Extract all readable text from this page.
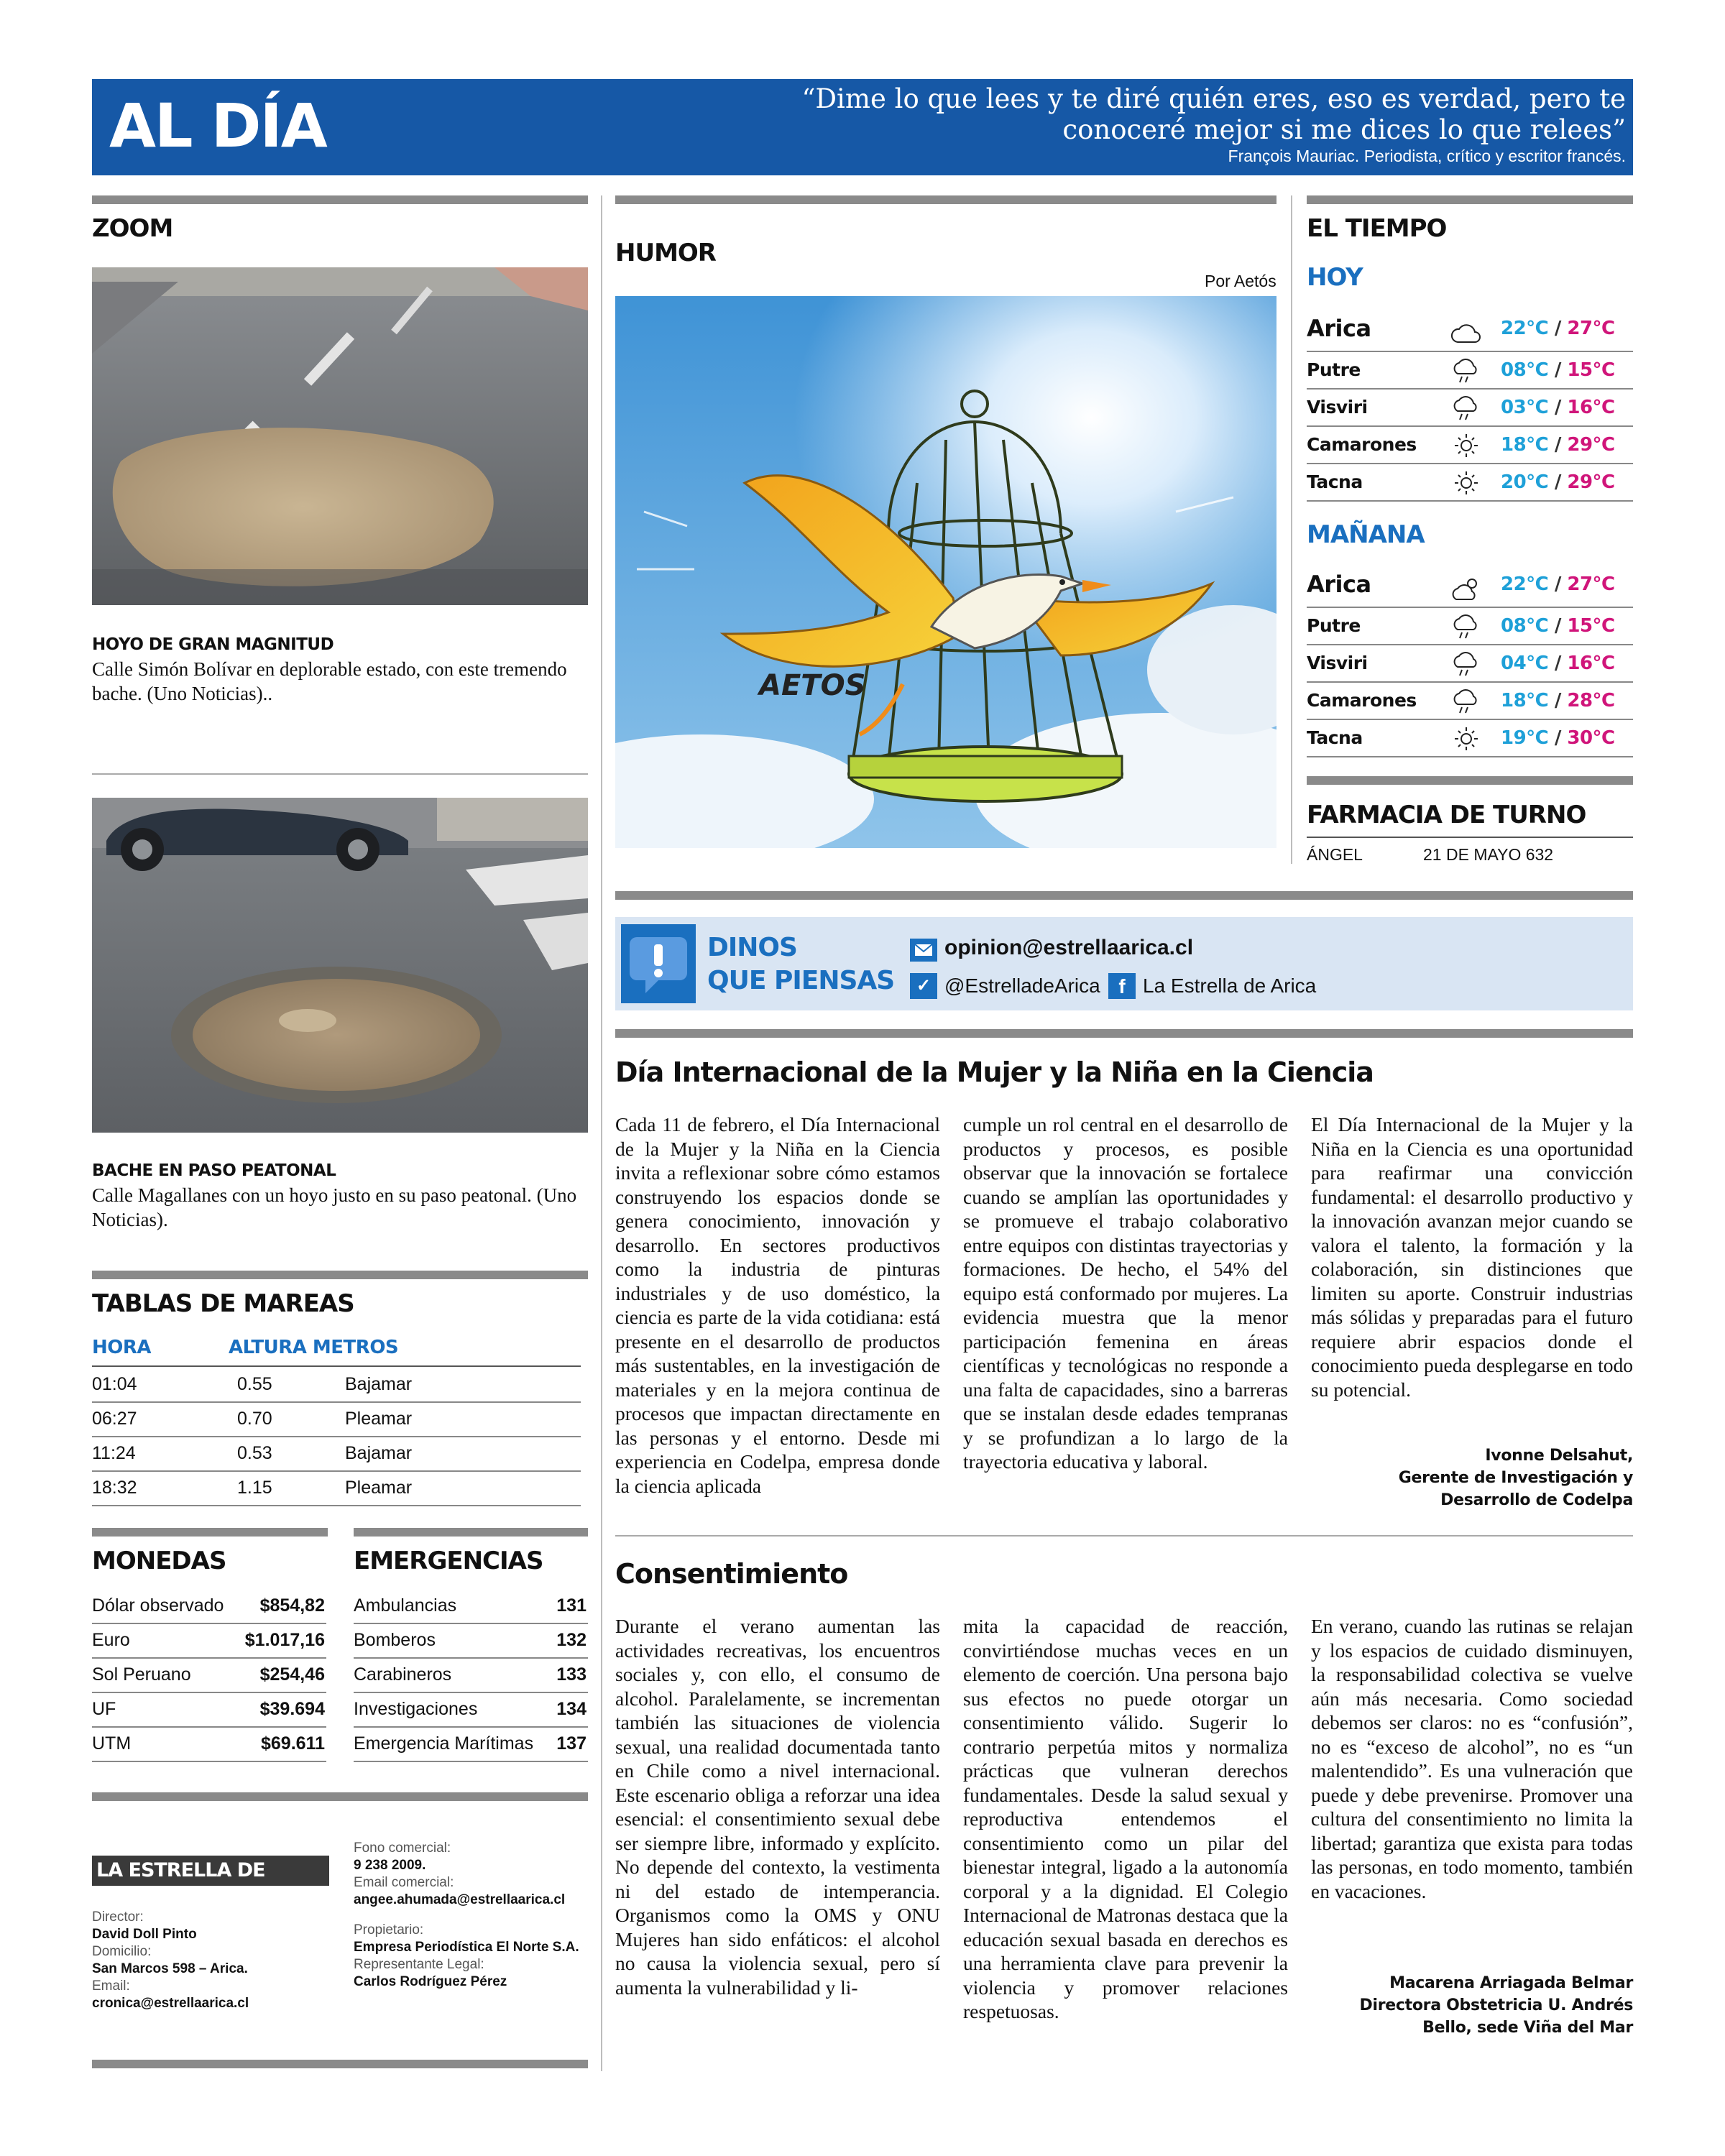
AL DÍA	“Dime lo que lees y te diré quién eres, eso es verdad, pero te conoceré mejor si me dices lo que relees”
François Mauriac. Periodista, crítico y escritor francés.
ZOOM
HOYO DE GRAN MAGNITUD
Calle Simón Bolívar en deplorable estado, con este tremendo bache. (Uno Noticias)..
BACHE EN PASO PEATONAL
Calle Magallanes con un hoyo justo en su paso peatonal. (Uno Noticias).
TABLAS DE MAREAS
HORA	ALTURA METROS
01:04	0.55	Bajamar
06:27	0.70	Pleamar
11:24	0.53	Bajamar
18:32	1.15	Pleamar
MONEDAS
Dólar observado $854,82
Euro	$1.017,16
Sol Peruano	$254,46
UF	$39.694
UTM	$69.611
EMERGENCIAS
Ambulancias	131
Bomberos	132
Carabineros	133
Investigaciones	134
Emergencia Marítimas 137
LA ESTRELLA DE ARICA
Director:
David Doll Pinto
Domicilio:
San Marcos 598 – Arica.
Email:
cronica@estrellaarica.cl
Fono comercial:
9 238 2009.
Email comercial:
angee.ahumada@estrellaarica.cl
Propietario:
Empresa Periodística El Norte S.A.
Representante Legal:
Carlos Rodríguez Pérez
HUMOR
Por Aetós
AETOS
EL TIEMPO
HOY
Arica	22°C / 27°C
Putre	08°C / 15°C
Visviri	03°C / 16°C
Camarones	18°C / 29°C
Tacna	20°C / 29°C
MAÑANA
Arica	22°C / 27°C
Putre	08°C / 15°C
Visviri	04°C / 16°C
Camarones	18°C / 28°C
Tacna	19°C / 30°C
FARMACIA DE TURNO
ÁNGEL	21 DE MAYO 632
DINOS
QUE PIENSAS
opinion@estrellaarica.cl
✓ @EstrelladeArica f La Estrella de Arica
Día Internacional de la Mujer y la Niña en la Ciencia
Cada 11 de febrero, el Día Internacional de la Mujer y la Niña en la Ciencia invita a reflexionar sobre cómo estamos construyendo los espacios donde se genera conocimiento, innovación y desarrollo. En sectores productivos como la industria de pinturas industriales y de uso doméstico, la ciencia es parte de la vida cotidiana: está presente en el desarrollo de productos más sustentables, en la investigación de materiales y en la mejora continua de procesos que impactan directamente en las personas y el entorno. Desde mi experiencia en Codelpa, empresa donde la ciencia aplicada
cumple un rol central en el desarrollo de productos y procesos, es posible observar que la innovación se fortalece cuando se amplían las oportunidades y se promueve el trabajo colaborativo entre equipos con distintas trayectorias y formaciones. De hecho, el 54% del equipo está conformado por mujeres. La evidencia muestra que la menor participación femenina en áreas científicas y tecnológicas no responde a una falta de capacidades, sino a barreras que se instalan desde edades tempranas y se profundizan a lo largo de la trayectoria educativa y laboral.
El Día Internacional de la Mujer y la Niña en la Ciencia es una oportunidad para reafirmar una convicción fundamental: el desarrollo productivo y la innovación avanzan mejor cuando se valora el talento, la formación y la colaboración, sin distinciones que limiten su aporte. Construir industrias más sólidas y preparadas para el futuro requiere abrir espacios donde el conocimiento pueda desplegarse en todo su potencial.
Ivonne Delsahut,
Gerente de Investigación y Desarrollo de Codelpa
Consentimiento
Durante el verano aumentan las actividades recreativas, los encuentros sociales y, con ello, el consumo de alcohol. Paralelamente, se incrementan también las situaciones de violencia sexual, una realidad documentada tanto en Chile como a nivel internacional. Este escenario obliga a reforzar una idea esencial: el consentimiento sexual debe ser siempre libre, informado y explícito. No depende del contexto, la vestimenta ni del estado de intemperancia. Organismos como la OMS y ONU Mujeres han sido enfáticos: el alcohol no causa la violencia sexual, pero sí aumenta la vulnerabilidad y li-
mita la capacidad de reacción, convirtiéndose muchas veces en un elemento de coerción. Una persona bajo sus efectos no puede otorgar un consentimiento válido. Sugerir lo contrario perpetúa mitos y normaliza prácticas que vulneran derechos fundamentales. Desde la salud sexual y reproductiva entendemos el consentimiento como un pilar del bienestar integral, ligado a la autonomía corporal y a la dignidad. El Colegio Internacional de Matronas destaca que la educación sexual basada en derechos es una herramienta clave para prevenir la violencia y promover relaciones respetuosas.
En verano, cuando las rutinas se relajan y los espacios de cuidado disminuyen, la responsabilidad colectiva se vuelve aún más necesaria. Como sociedad debemos ser claros: no es “confusión”, no es “exceso de alcohol”, no es “un malentendido”. Es una vulneración que puede y debe prevenirse. Promover una cultura del consentimiento no limita la libertad; garantiza que exista para todas las personas, en todo momento, también en vacaciones.
Macarena Arriagada Belmar
Directora Obstetricia U. Andrés Bello, sede Viña del Mar
